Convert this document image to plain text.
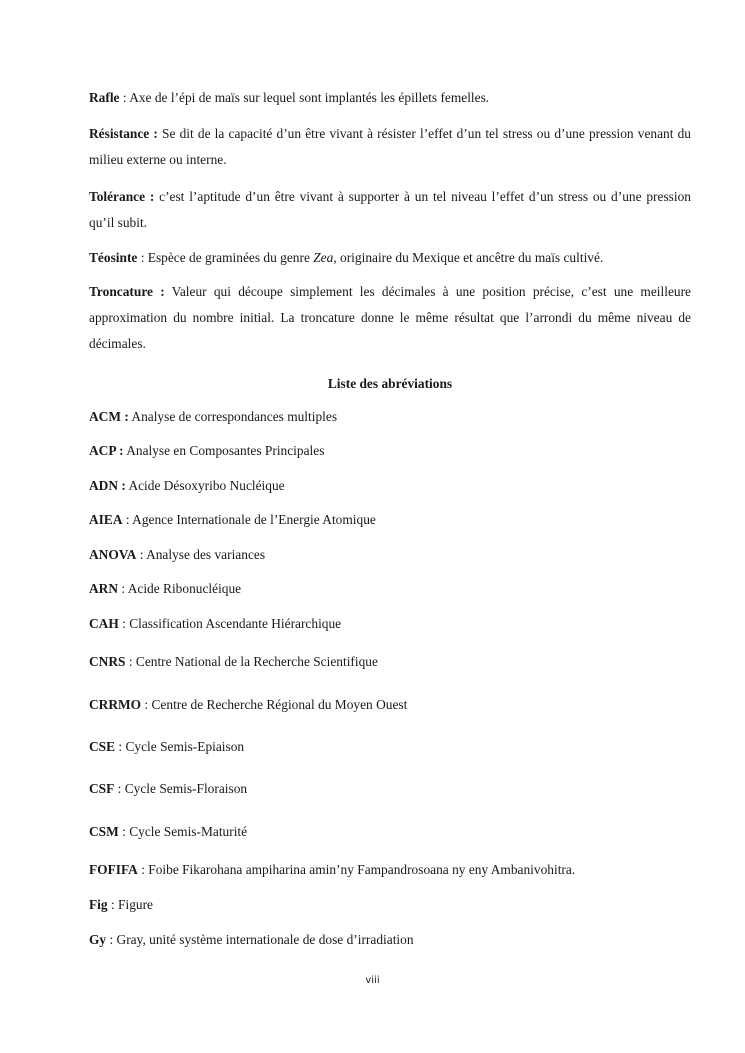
Rafle : Axe de l’épi de maïs sur lequel sont implantés les épillets femelles.

Résistance : Se dit de la capacité d’un être vivant à résister l’effet d’un tel stress ou d’une pression venant du milieu externe ou interne.

Tolérance : c’est l’aptitude d’un être vivant à supporter à un tel niveau l’effet d’un stress ou d’une pression qu’il subit.

Téosinte : Espèce de graminées du genre Zea, originaire du Mexique et ancêtre du maïs cultivé.

Troncature : Valeur qui découpe simplement les décimales à une position précise, c’est une meilleure approximation du nombre initial. La troncature donne le même résultat que l’arrondi du même niveau de décimales.

Liste des abréviations

ACM : Analyse de correspondances multiples

ACP : Analyse en Composantes Principales

ADN : Acide Désoxyribo Nucléique

AIEA : Agence Internationale de l’Energie Atomique

ANOVA : Analyse des variances

ARN : Acide Ribonucléique

CAH : Classification Ascendante Hiérarchique

CNRS : Centre National de la Recherche Scientifique

CRRMO : Centre de Recherche Régional du Moyen Ouest

CSE : Cycle Semis-Epiaison

CSF : Cycle Semis-Floraison

CSM : Cycle Semis-Maturité

FOFIFA : Foibe Fikarohana ampiharina amin’ny Fampandrosoana ny eny Ambanivohitra.

Fig : Figure

Gy : Gray, unité système internationale de dose d’irradiation

viii
